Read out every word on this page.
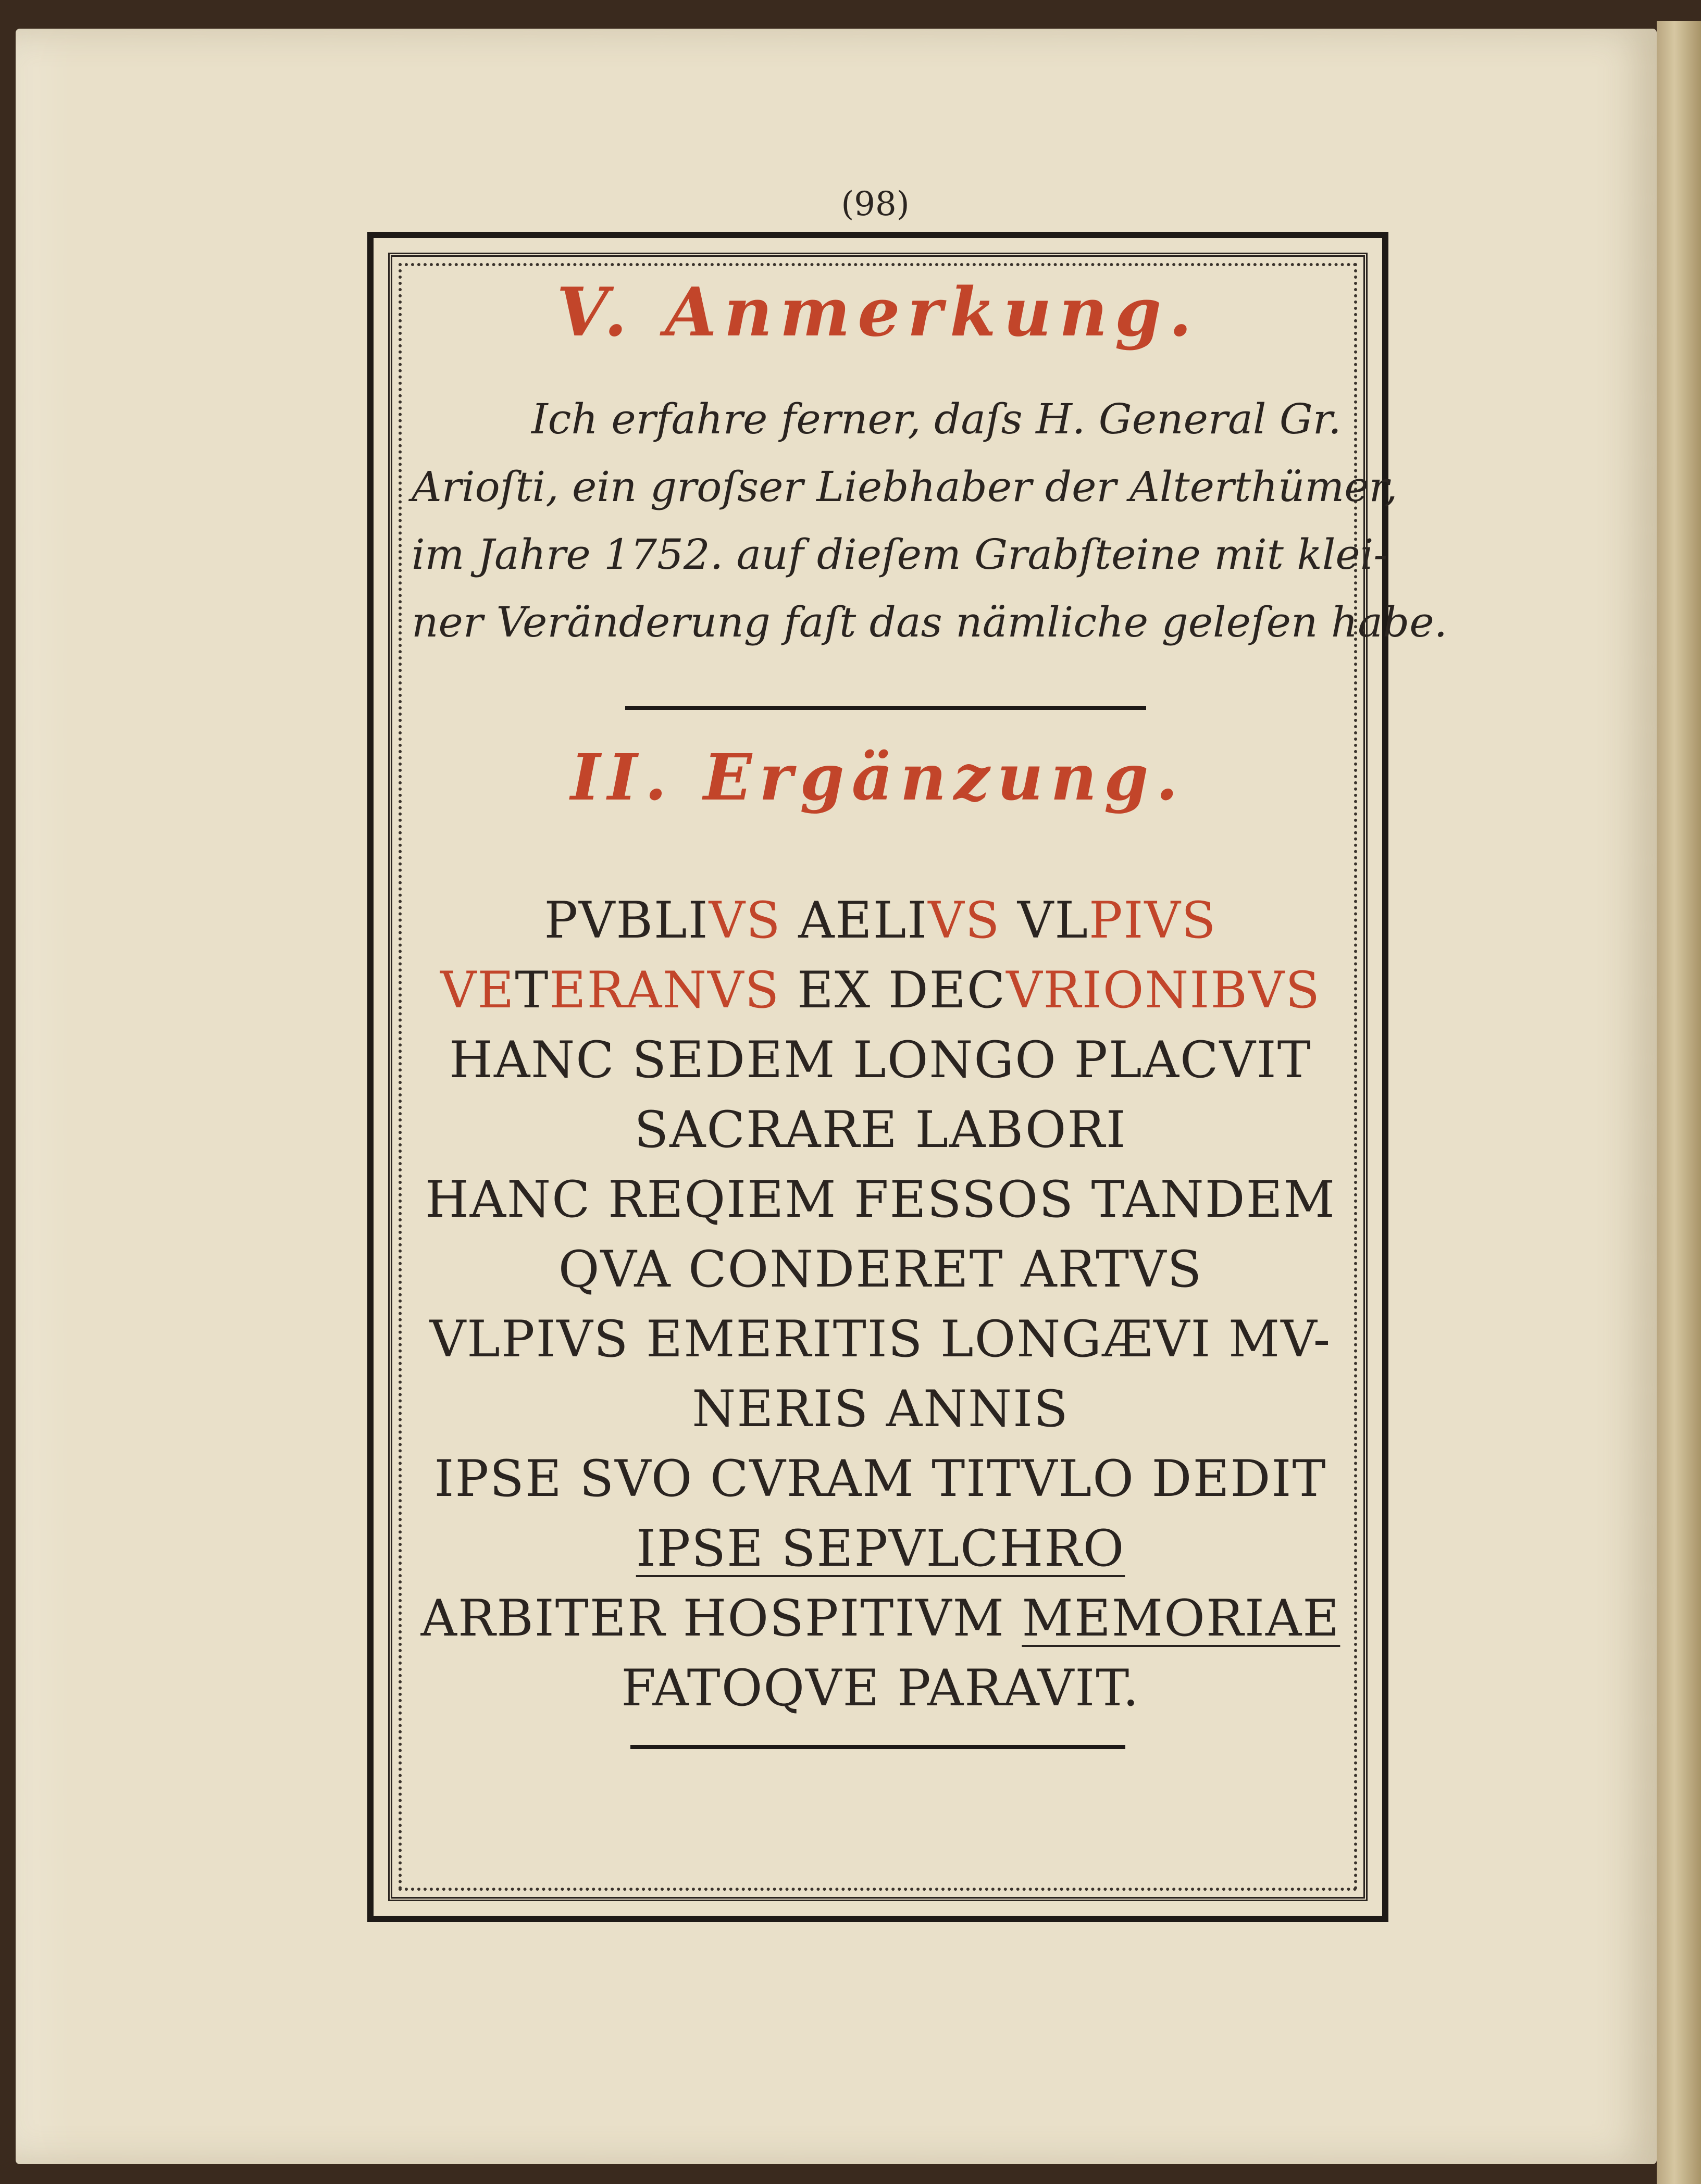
(98)
V. Anmerkung.
Ich erfahre ferner, daſs H. General Gr.
Arioſti, ein groſser Liebhaber der Alterthümer,
im Jahre 1752. auf dieſem Grabſteine mit klei-
ner Veränderung faſt das nämliche geleſen habe.
II. Ergänzung.
PVBLIVS AELIVS VLPIVS
VETERANVS EX DECVRIONIBVS
HANC SEDEM LONGO PLACVIT
SACRARE LABORI
HANC REQIEM FESSOS TANDEM
QVA CONDERET ARTVS
VLPIVS EMERITIS LONGÆVI MV-
NERIS ANNIS
IPSE SVO CVRAM TITVLO DEDIT
IPSE SEPVLCHRO
ARBITER HOSPITIVM MEMORIAE
FATOQVE PARAVIT.
